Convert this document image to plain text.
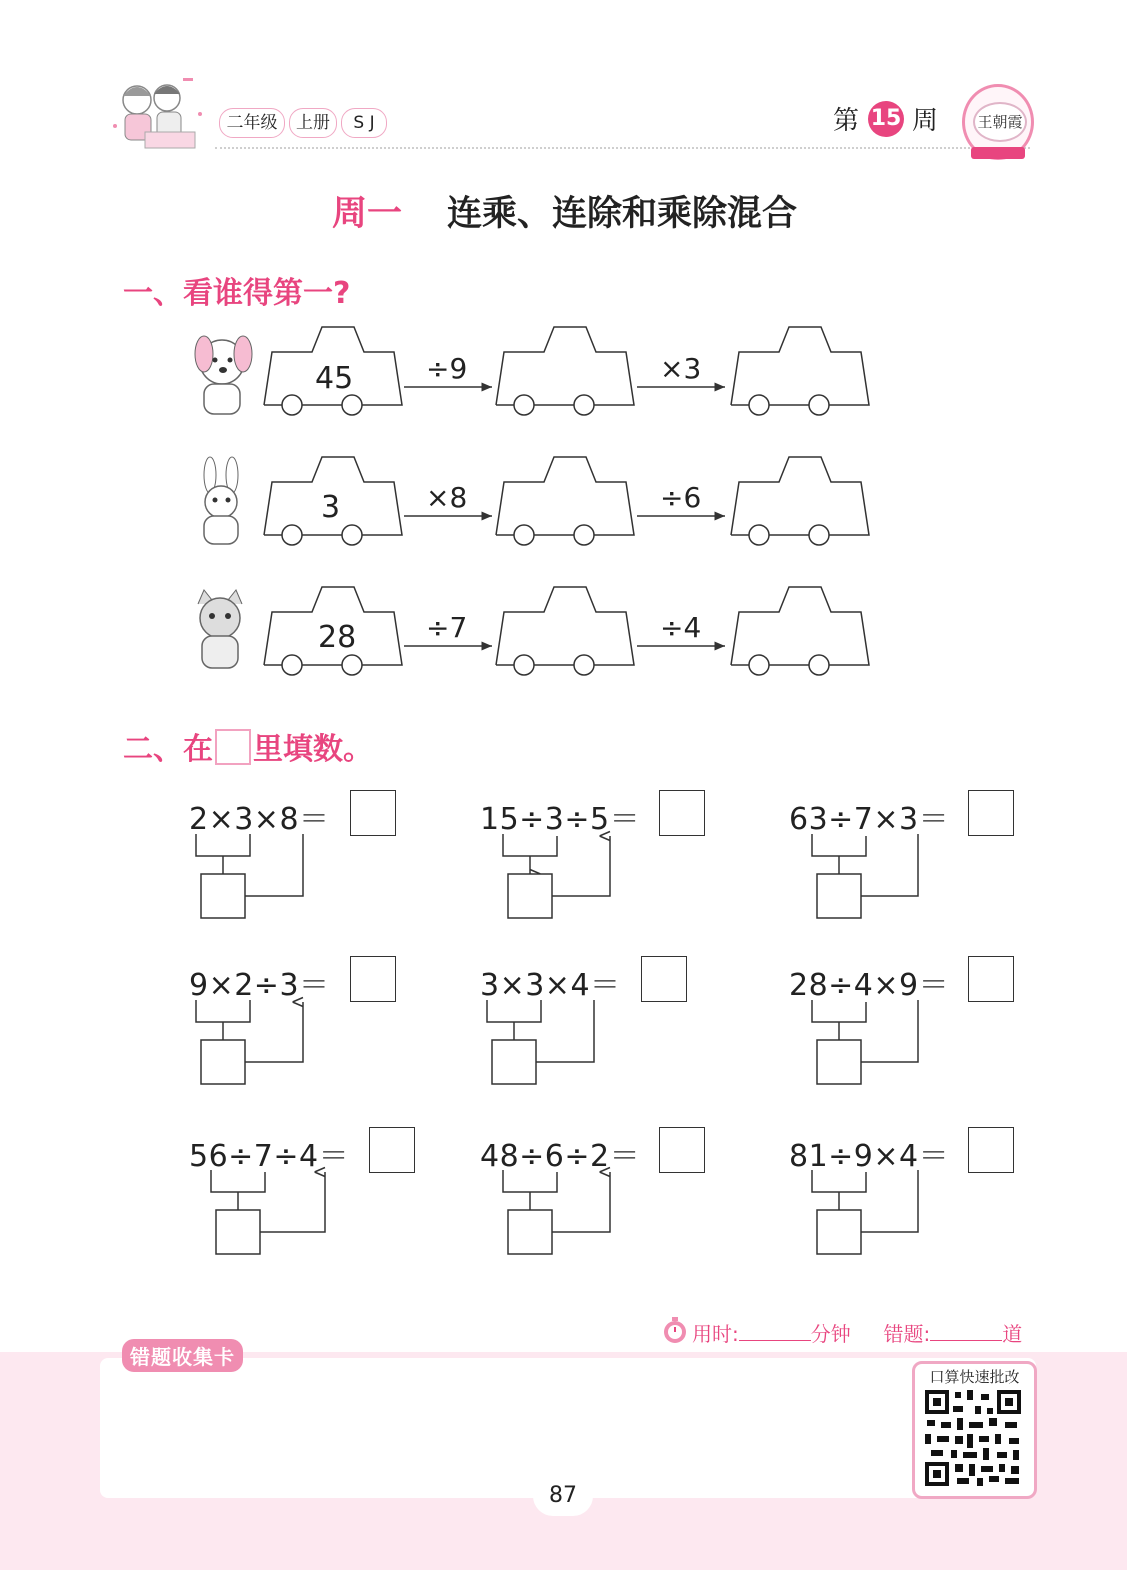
二年级	上册	S J	第 15 周	王朝霞
周一 连乘、连除和乘除混合
一、看谁得第一?
45	÷9	×3
3	×8	÷6
28 ÷7	÷4
二、在 里填数。
2×3×8＝	15÷3÷5＝	63÷7×3＝
9×2÷3＝	3×3×4＝	28÷4×9＝
56÷7÷4＝	48÷6÷2＝	81÷9×4＝
用时:	分钟 错题:	道
错题收集卡
口算快速批改
87
